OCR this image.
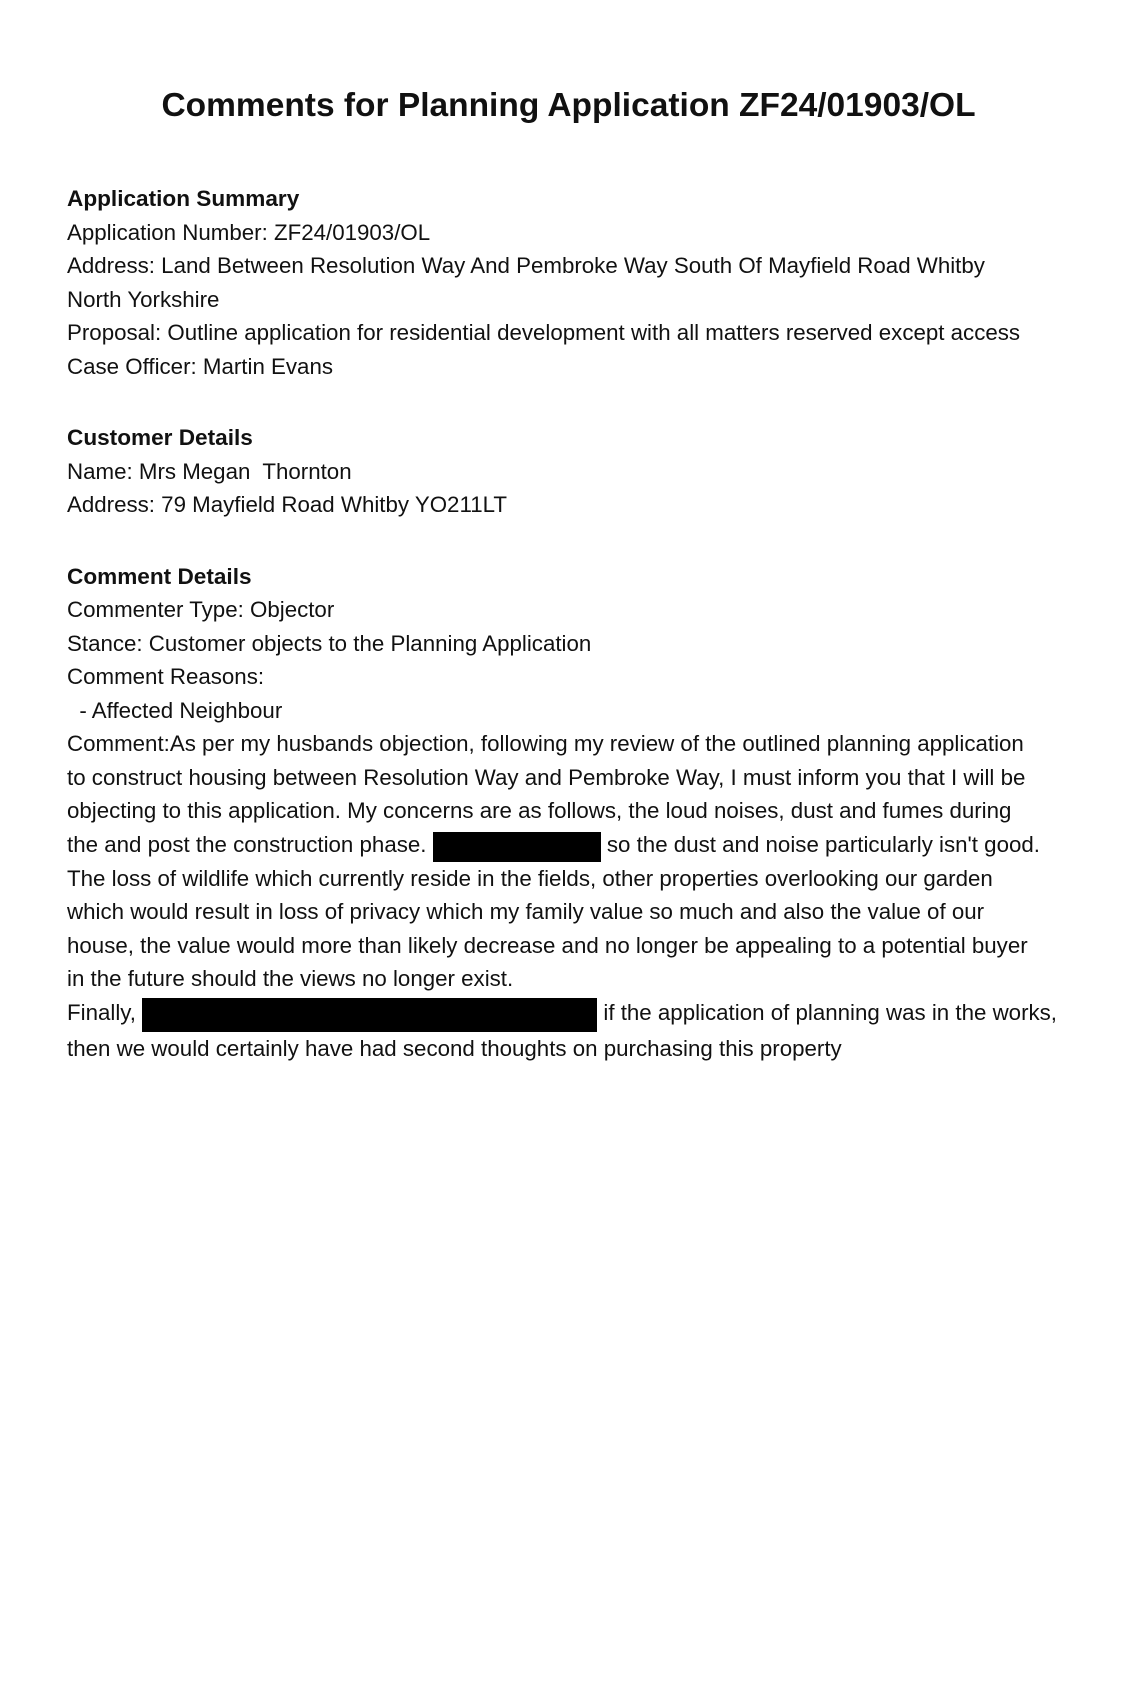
Comments for Planning Application ZF24/01903/OL
Application Summary
Application Number: ZF24/01903/OL
Address: Land Between Resolution Way And Pembroke Way South Of Mayfield Road Whitby
North Yorkshire
Proposal: Outline application for residential development with all matters reserved except access
Case Officer: Martin Evans
Customer Details
Name: Mrs Megan  Thornton
Address: 79 Mayfield Road Whitby YO211LT
Comment Details
Commenter Type: Objector
Stance: Customer objects to the Planning Application
Comment Reasons:
- Affected Neighbour
Comment:As per my husbands objection, following my review of the outlined planning application
to construct housing between Resolution Way and Pembroke Way, I must inform you that I will be
objecting to this application. My concerns are as follows, the loud noises, dust and fumes during
the and post the construction phase.	so the dust and noise particularly isn't good.
The loss of wildlife which currently reside in the fields, other properties overlooking our garden
which would result in loss of privacy which my family value so much and also the value of our
house, the value would more than likely decrease and no longer be appealing to a potential buyer
in the future should the views no longer exist.
Finally,	if the application of planning was in the works,
then we would certainly have had second thoughts on purchasing this property
